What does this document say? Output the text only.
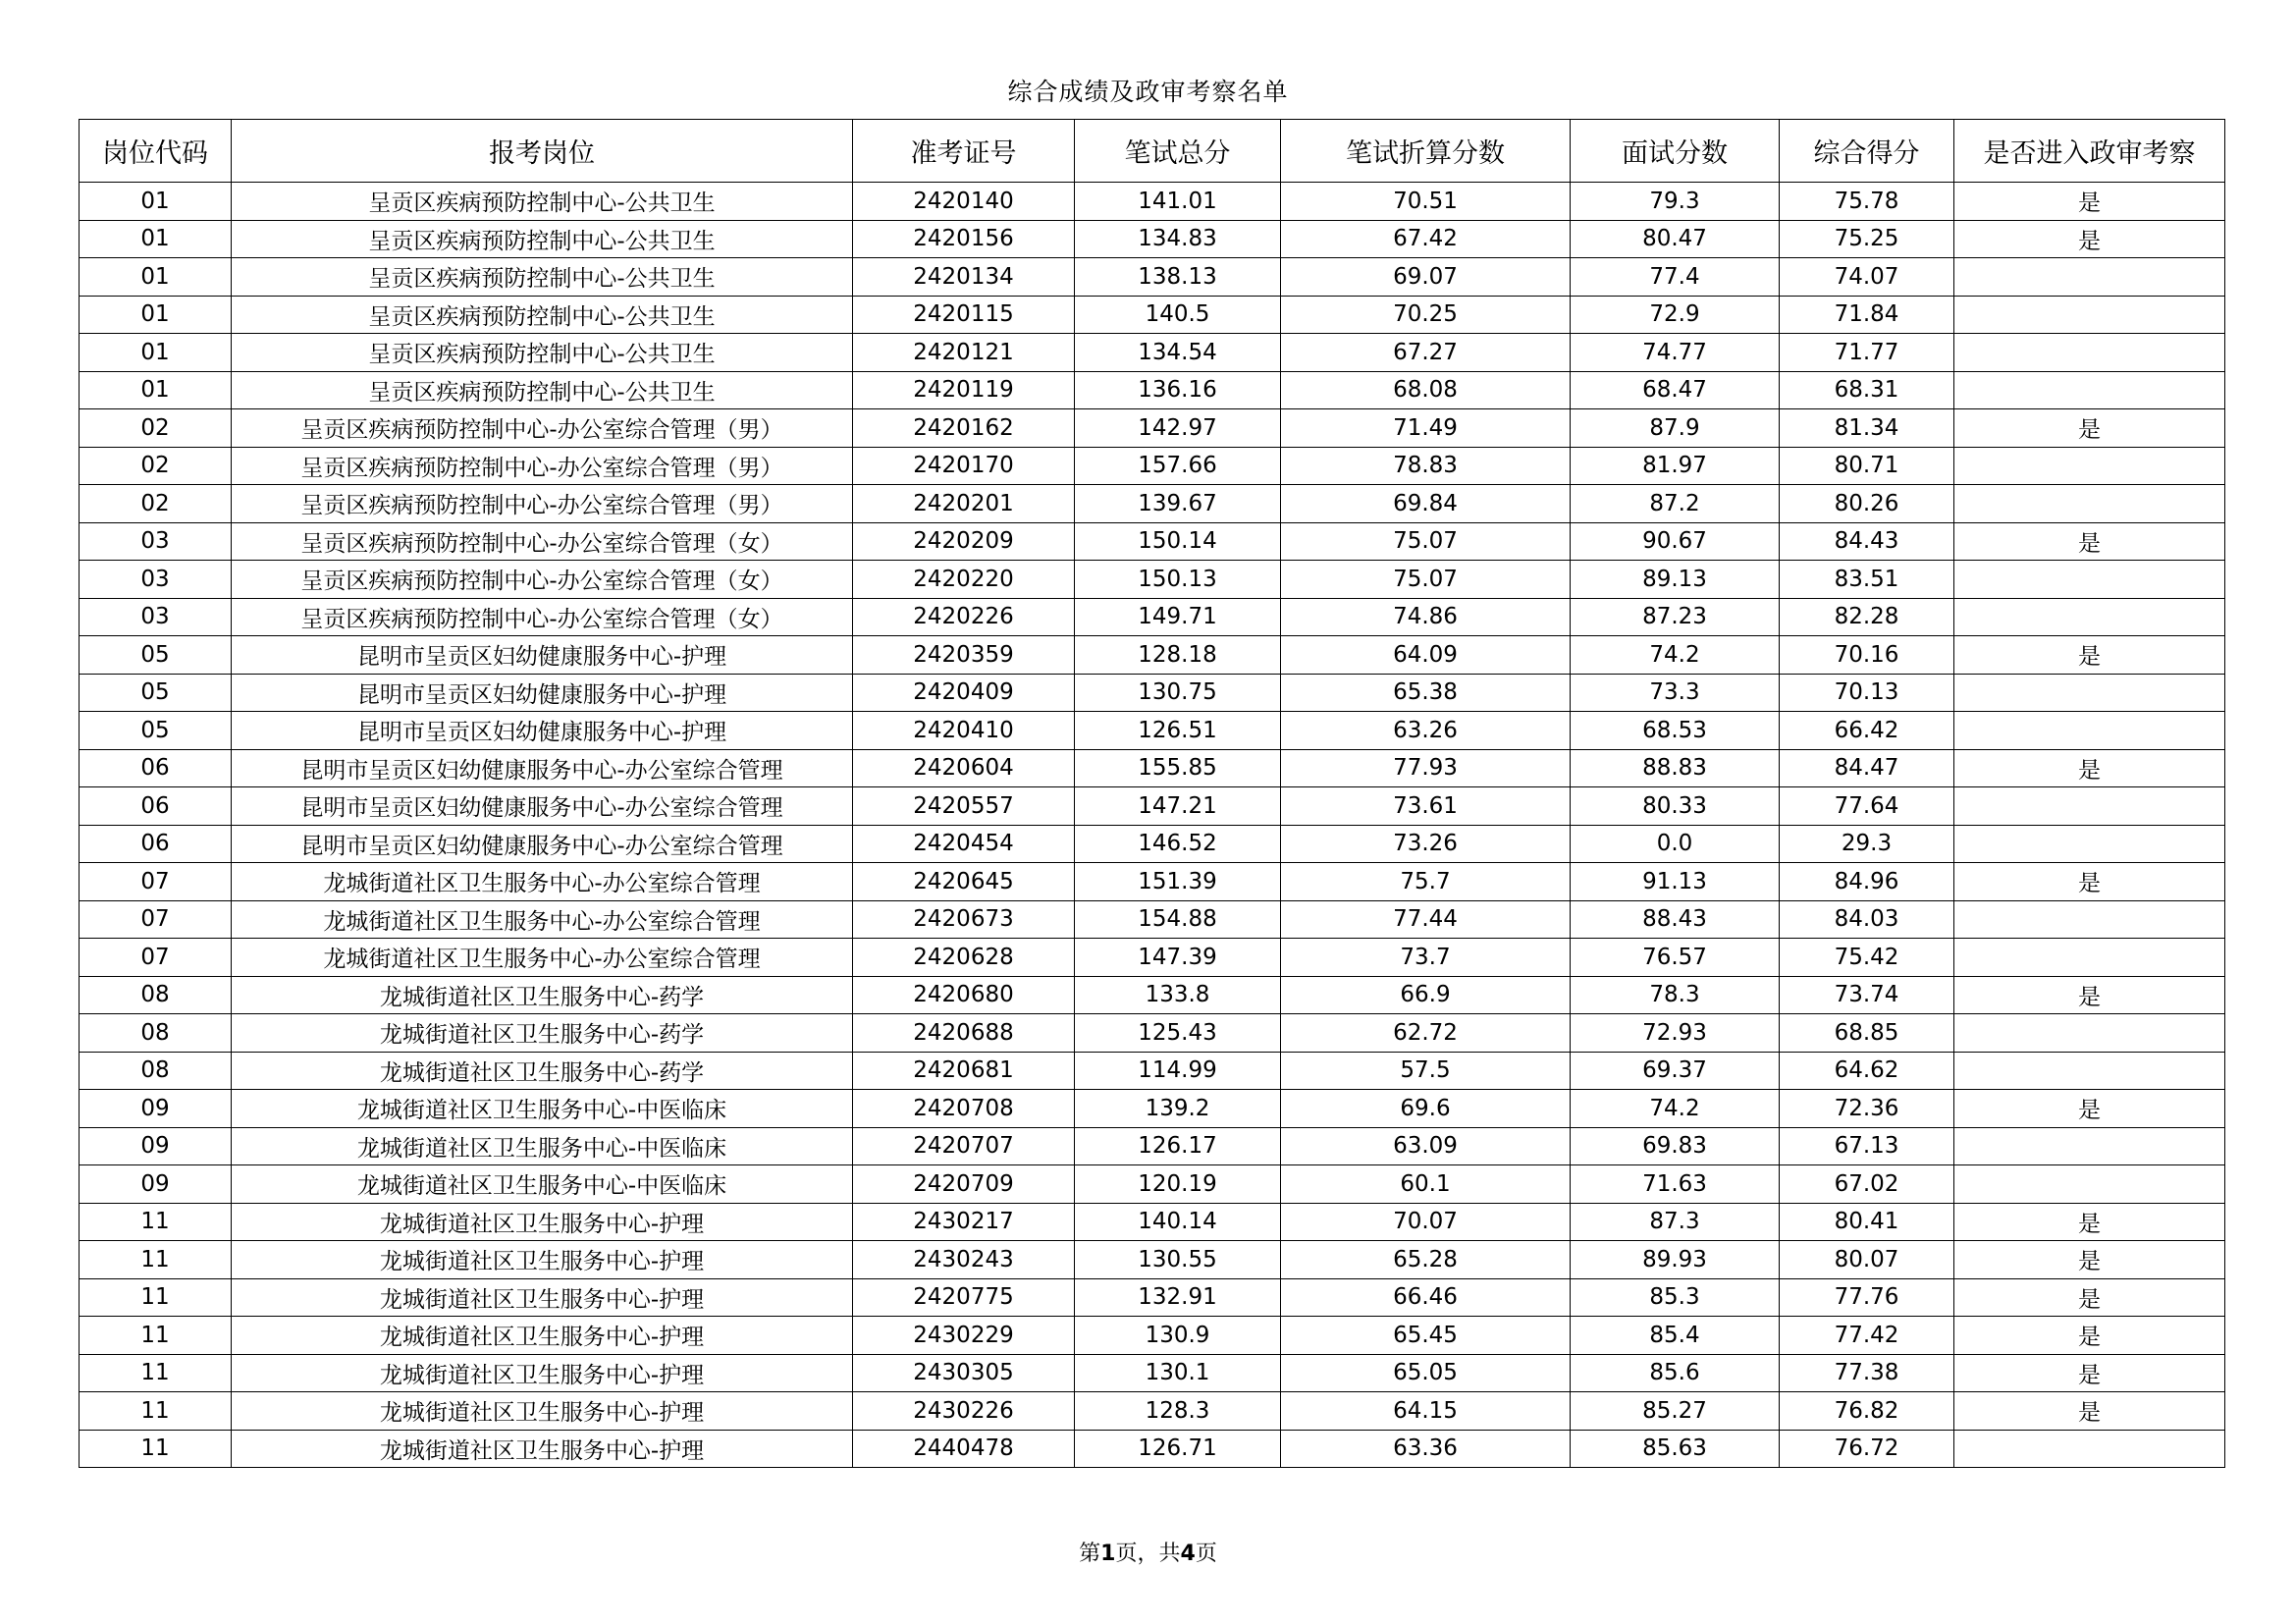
综合成绩及政审考察名单
岗位代码	报考岗位	准考证号	笔试总分	笔试折算分数	面试分数	综合得分	是否进入政审考察
01	呈贡区疾病预防控制中心-公共卫生	2420140	141.01	70.51	79.3	75.78	是
01	呈贡区疾病预防控制中心-公共卫生	2420156	134.83	67.42	80.47	75.25	是
01	呈贡区疾病预防控制中心-公共卫生	2420134	138.13	69.07	77.4	74.07	
01	呈贡区疾病预防控制中心-公共卫生	2420115	140.5	70.25	72.9	71.84	
01	呈贡区疾病预防控制中心-公共卫生	2420121	134.54	67.27	74.77	71.77	
01	呈贡区疾病预防控制中心-公共卫生	2420119	136.16	68.08	68.47	68.31	
02	呈贡区疾病预防控制中心-办公室综合管理（男）	2420162	142.97	71.49	87.9	81.34	是
02	呈贡区疾病预防控制中心-办公室综合管理（男）	2420170	157.66	78.83	81.97	80.71	
02	呈贡区疾病预防控制中心-办公室综合管理（男）	2420201	139.67	69.84	87.2	80.26	
03	呈贡区疾病预防控制中心-办公室综合管理（女）	2420209	150.14	75.07	90.67	84.43	是
03	呈贡区疾病预防控制中心-办公室综合管理（女）	2420220	150.13	75.07	89.13	83.51	
03	呈贡区疾病预防控制中心-办公室综合管理（女）	2420226	149.71	74.86	87.23	82.28	
05	昆明市呈贡区妇幼健康服务中心-护理	2420359	128.18	64.09	74.2	70.16	是
05	昆明市呈贡区妇幼健康服务中心-护理	2420409	130.75	65.38	73.3	70.13	
05	昆明市呈贡区妇幼健康服务中心-护理	2420410	126.51	63.26	68.53	66.42	
06	昆明市呈贡区妇幼健康服务中心-办公室综合管理	2420604	155.85	77.93	88.83	84.47	是
06	昆明市呈贡区妇幼健康服务中心-办公室综合管理	2420557	147.21	73.61	80.33	77.64	
06	昆明市呈贡区妇幼健康服务中心-办公室综合管理	2420454	146.52	73.26	0.0	29.3	
07	龙城街道社区卫生服务中心-办公室综合管理	2420645	151.39	75.7	91.13	84.96	是
07	龙城街道社区卫生服务中心-办公室综合管理	2420673	154.88	77.44	88.43	84.03	
07	龙城街道社区卫生服务中心-办公室综合管理	2420628	147.39	73.7	76.57	75.42	
08	龙城街道社区卫生服务中心-药学	2420680	133.8	66.9	78.3	73.74	是
08	龙城街道社区卫生服务中心-药学	2420688	125.43	62.72	72.93	68.85	
08	龙城街道社区卫生服务中心-药学	2420681	114.99	57.5	69.37	64.62	
09	龙城街道社区卫生服务中心-中医临床	2420708	139.2	69.6	74.2	72.36	是
09	龙城街道社区卫生服务中心-中医临床	2420707	126.17	63.09	69.83	67.13	
09	龙城街道社区卫生服务中心-中医临床	2420709	120.19	60.1	71.63	67.02	
11	龙城街道社区卫生服务中心-护理	2430217	140.14	70.07	87.3	80.41	是
11	龙城街道社区卫生服务中心-护理	2430243	130.55	65.28	89.93	80.07	是
11	龙城街道社区卫生服务中心-护理	2420775	132.91	66.46	85.3	77.76	是
11	龙城街道社区卫生服务中心-护理	2430229	130.9	65.45	85.4	77.42	是
11	龙城街道社区卫生服务中心-护理	2430305	130.1	65.05	85.6	77.38	是
11	龙城街道社区卫生服务中心-护理	2430226	128.3	64.15	85.27	76.82	是
11	龙城街道社区卫生服务中心-护理	2440478	126.71	63.36	85.63	76.72	
第1页，共4页
